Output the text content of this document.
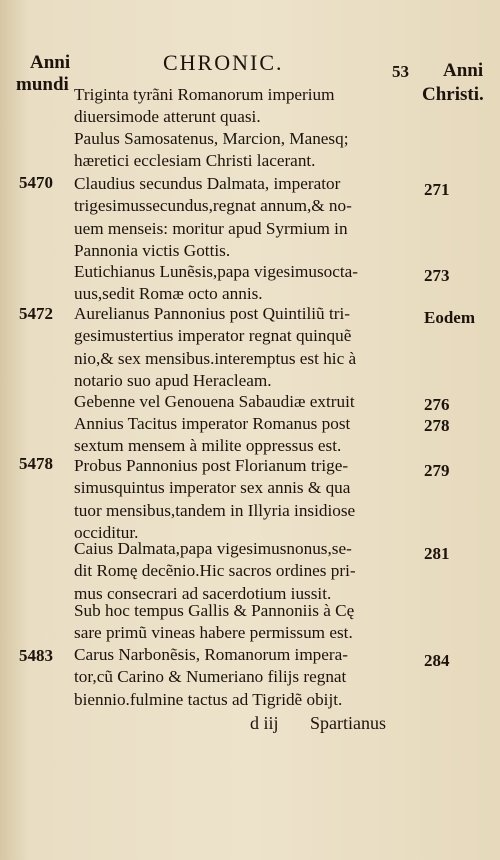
Anni
mundi
CHRONIC.	53 Anni
Christi.
Triginta tyrãni Romanorum imperium
diuersimode atterunt quasi.
Paulus Samosatenus, Marcion, Manesq;
hæretici ecclesiam Christi lacerant.
5470 Claudius secundus Dalmata, imperator
trigesimussecundus,regnat annum,& no-
uem menseis: moritur apud Syrmium in
Pannonia victis Gottis.
271
273
Eutichianus Lunẽsis,papa vigesimusocta-
uus,sedit Romæ octo annis.
5472 Aurelianus Pannonius post Quintiliũ tri-
gesimustertius imperator regnat quinquẽ
nio,& sex mensibus.interemptus est hic à
notario suo apud Heracleam.
Eodem
Gebenne vel Genouena Sabaudiæ extruit	276
Annius Tacitus imperator Romanus post
sextum mensem à milite oppressus est.
278
5478 Probus Pannonius post Florianum trige-
simusquintus imperator sex annis & qua
tuor mensibus,tandem in Illyria insidiose
occiditur.
279
Caius Dalmata,papa vigesimusnonus,se-
dit Romę decẽnio.Hic sacros ordines pri-
mus consecrari ad sacerdotium iussit.
281
Sub hoc tempus Gallis & Pannoniis à Cę
sare primũ vineas habere permissum est.
5483 Carus Narbonẽsis, Romanorum impera-
tor,cũ Carino & Numeriano filijs regnat
biennio.fulmine tactus ad Tigridẽ obijt.
284
d iij Spartianus
